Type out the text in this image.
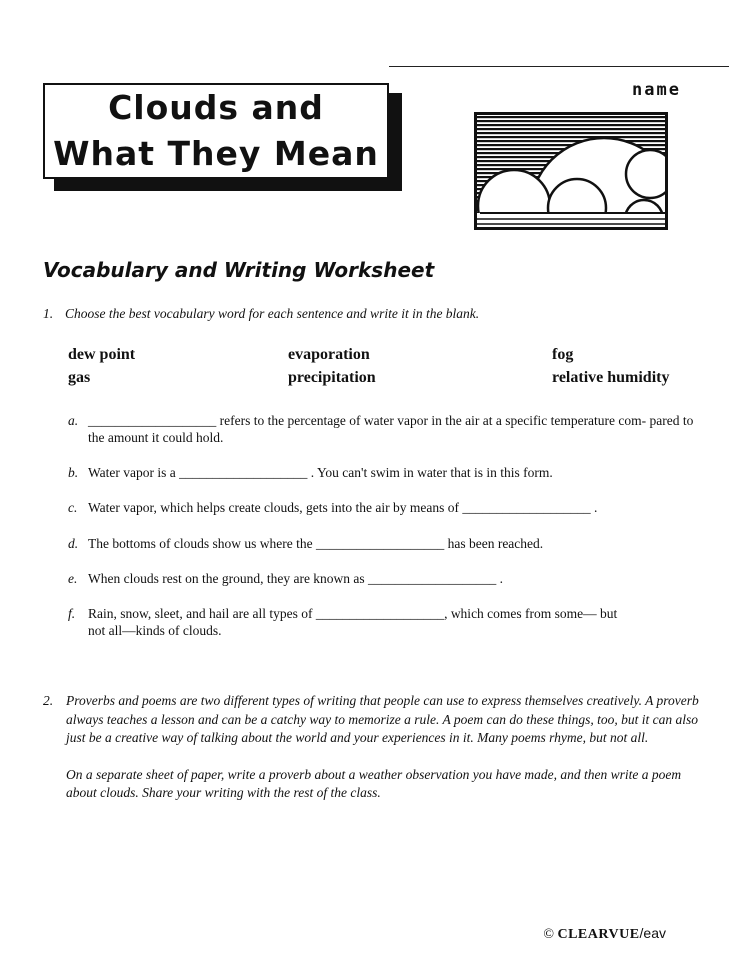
name
Clouds and
What They Mean
Vocabulary and Writing Worksheet
1. Choose the best vocabulary word for each sentence and write it in the blank.
dew point
gas
evaporation
precipitation
fog
relative humidity
a. ___________________ refers to the percentage of water vapor in the air at a specific temperature com- pared to the amount it could hold.
b. Water vapor is a ___________________ . You can't swim in water that is in this form.
c. Water vapor, which helps create clouds, gets into the air by means of ___________________ .
d. The bottoms of clouds show us where the ___________________ has been reached.
e. When clouds rest on the ground, they are known as ___________________ .
f. Rain, snow, sleet, and hail are all types of ___________________, which comes from some— but not all—kinds of clouds.
2. Proverbs and poems are two different types of writing that people can use to express themselves creatively. A proverb always teaches a lesson and can be a catchy way to memorize a rule. A poem can do these things, too, but it can also just be a creative way of talking about the world and your experiences in it. Many poems rhyme, but not all.

On a separate sheet of paper, write a proverb about a weather observation you have made, and then write a poem about clouds. Share your writing with the rest of the class.

© CLEARVUE/eav
